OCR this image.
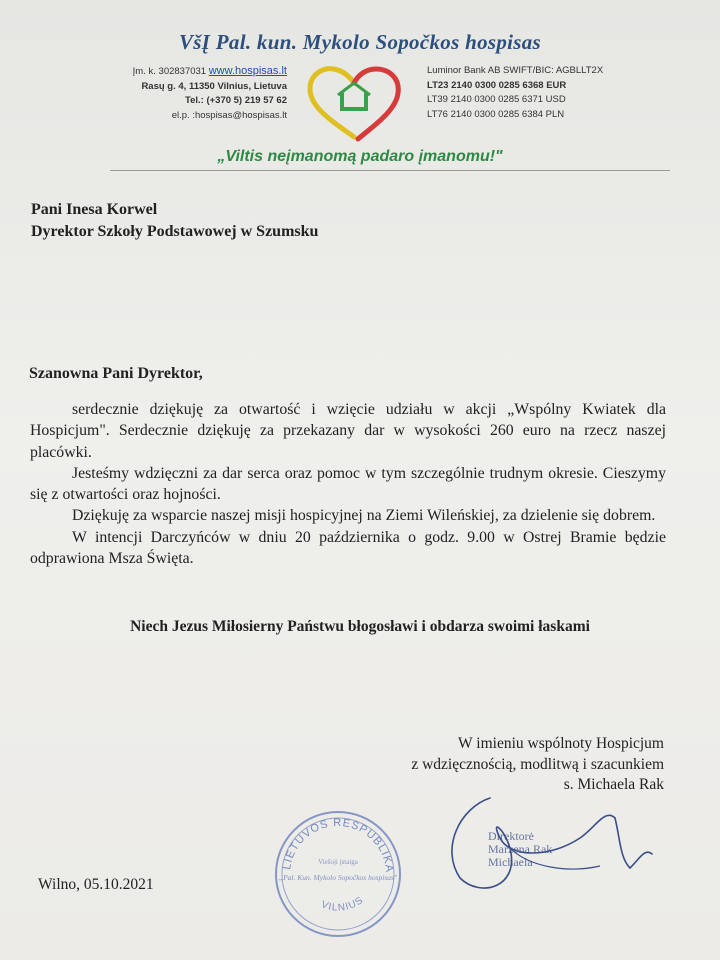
VšĮ Pal. kun. Mykolo Sopočkos hospisas
Įm. k. 302837031 www.hospisas.lt
Rasų g. 4, 11350 Vilnius, Lietuva
Tel.: (+370 5) 219 57 62
el.p. :hospisas@hospisas.lt
Luminor Bank AB SWIFT/BIC: AGBLLT2X
LT23 2140 0300 0285 6368 EUR
LT39 2140 0300 0285 6371 USD
LT76 2140 0300 0285 6384 PLN
„Viltis neįmanomą padaro įmanomu!"
Pani Inesa Korwel
Dyrektor Szkoły Podstawowej w Szumsku
Szanowna Pani Dyrektor,

serdecznie dziękuję za otwartość i wzięcie udziału w akcji „Wspólny Kwiatek dla Hospicjum". Serdecznie dziękuję za przekazany dar w wysokości 260 euro na rzecz naszej placówki.

Jesteśmy wdzięczni za dar serca oraz pomoc w tym szczególnie trudnym okresie. Cieszymy się z otwartości oraz hojności.

Dziękuję za wsparcie naszej misji hospicyjnej na Ziemi Wileńskiej, za dzielenie się dobrem.

W intencji Darczyńców w dniu 20 października o godz. 9.00 w Ostrej Bramie będzie odprawiona Msza Święta.

Niech Jezus Miłosierny Państwu błogosławi i obdarza swoimi łaskami
W imieniu wspólnoty Hospicjum
z wdzięcznością, modlitwą i szacunkiem
s. Michaela Rak
Direktorė
Marzena Rak
Michaela
LIETUVOS RESPUBLIKA
Viešoji įstaiga
„Pal. Kun. Mykolo Sopočkos hospisas"
VILNIUS
Wilno, 05.10.2021
